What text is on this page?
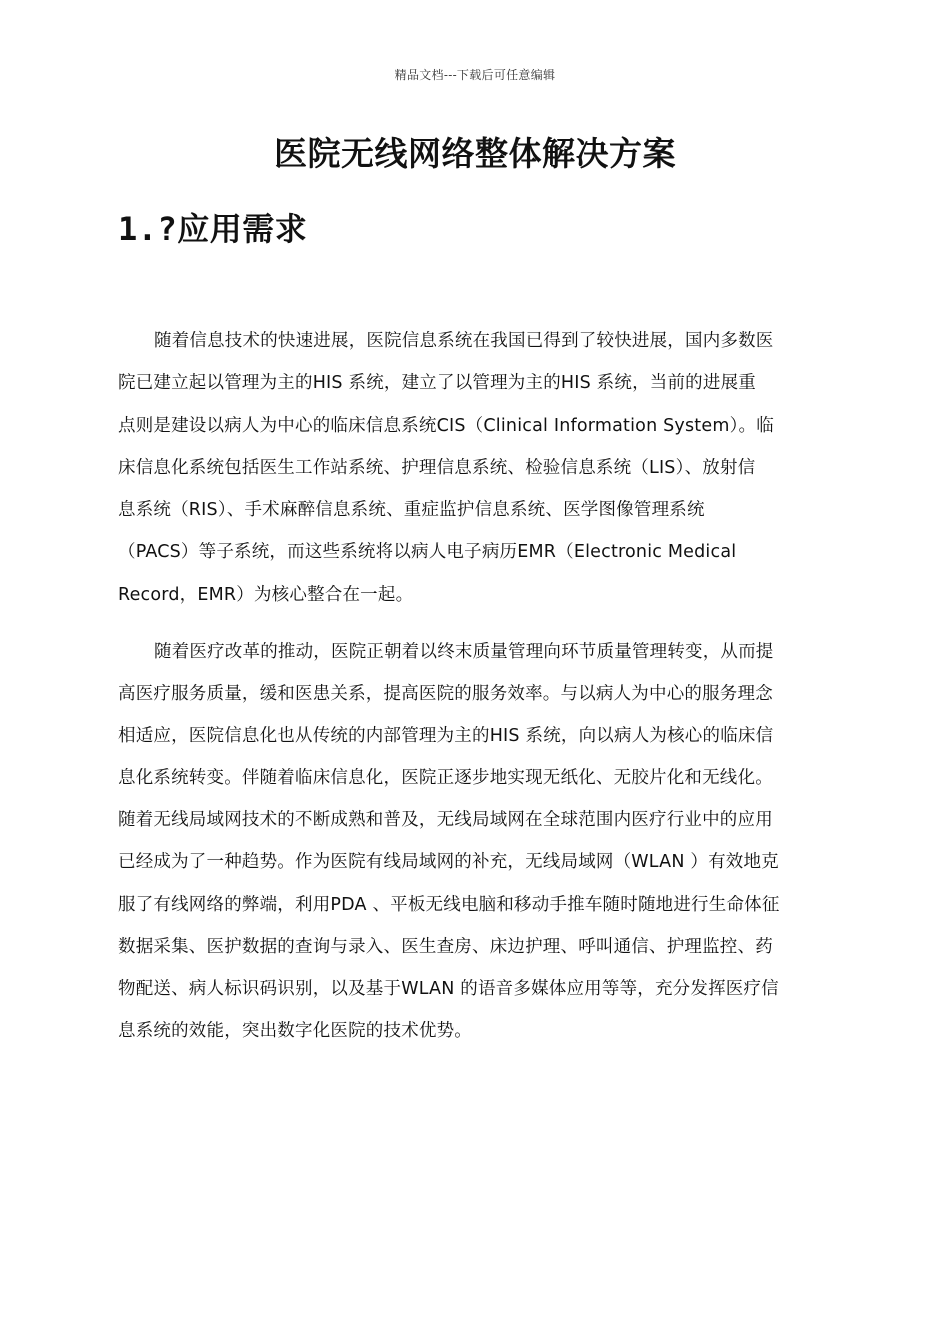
精品文档---下载后可任意编辑
医院无线网络整体解决方案
1.?应用需求
随着信息技术的快速进展，医院信息系统在我国已得到了较快进展，国内多数医
院已建立起以管理为主的HIS 系统，建立了以管理为主的HIS 系统，当前的进展重
点则是建设以病人为中心的临床信息系统CIS（Clinical Information System）。临
床信息化系统包括医生工作站系统、护理信息系统、检验信息系统（LIS）、放射信
息系统（RIS）、手术麻醉信息系统、重症监护信息系统、医学图像管理系统
（PACS）等子系统，而这些系统将以病人电子病历EMR（Electronic Medical
Record，EMR）为核心整合在一起。
随着医疗改革的推动，医院正朝着以终末质量管理向环节质量管理转变，从而提
高医疗服务质量，缓和医患关系，提高医院的服务效率。与以病人为中心的服务理念
相适应，医院信息化也从传统的内部管理为主的HIS 系统，向以病人为核心的临床信
息化系统转变。伴随着临床信息化，医院正逐步地实现无纸化、无胶片化和无线化。
随着无线局域网技术的不断成熟和普及，无线局域网在全球范围内医疗行业中的应用
已经成为了一种趋势。作为医院有线局域网的补充，无线局域网（WLAN ）有效地克
服了有线网络的弊端，利用PDA 、平板无线电脑和移动手推车随时随地进行生命体征
数据采集、医护数据的查询与录入、医生查房、床边护理、呼叫通信、护理监控、药
物配送、病人标识码识别，以及基于WLAN 的语音多媒体应用等等，充分发挥医疗信
息系统的效能，突出数字化医院的技术优势。
